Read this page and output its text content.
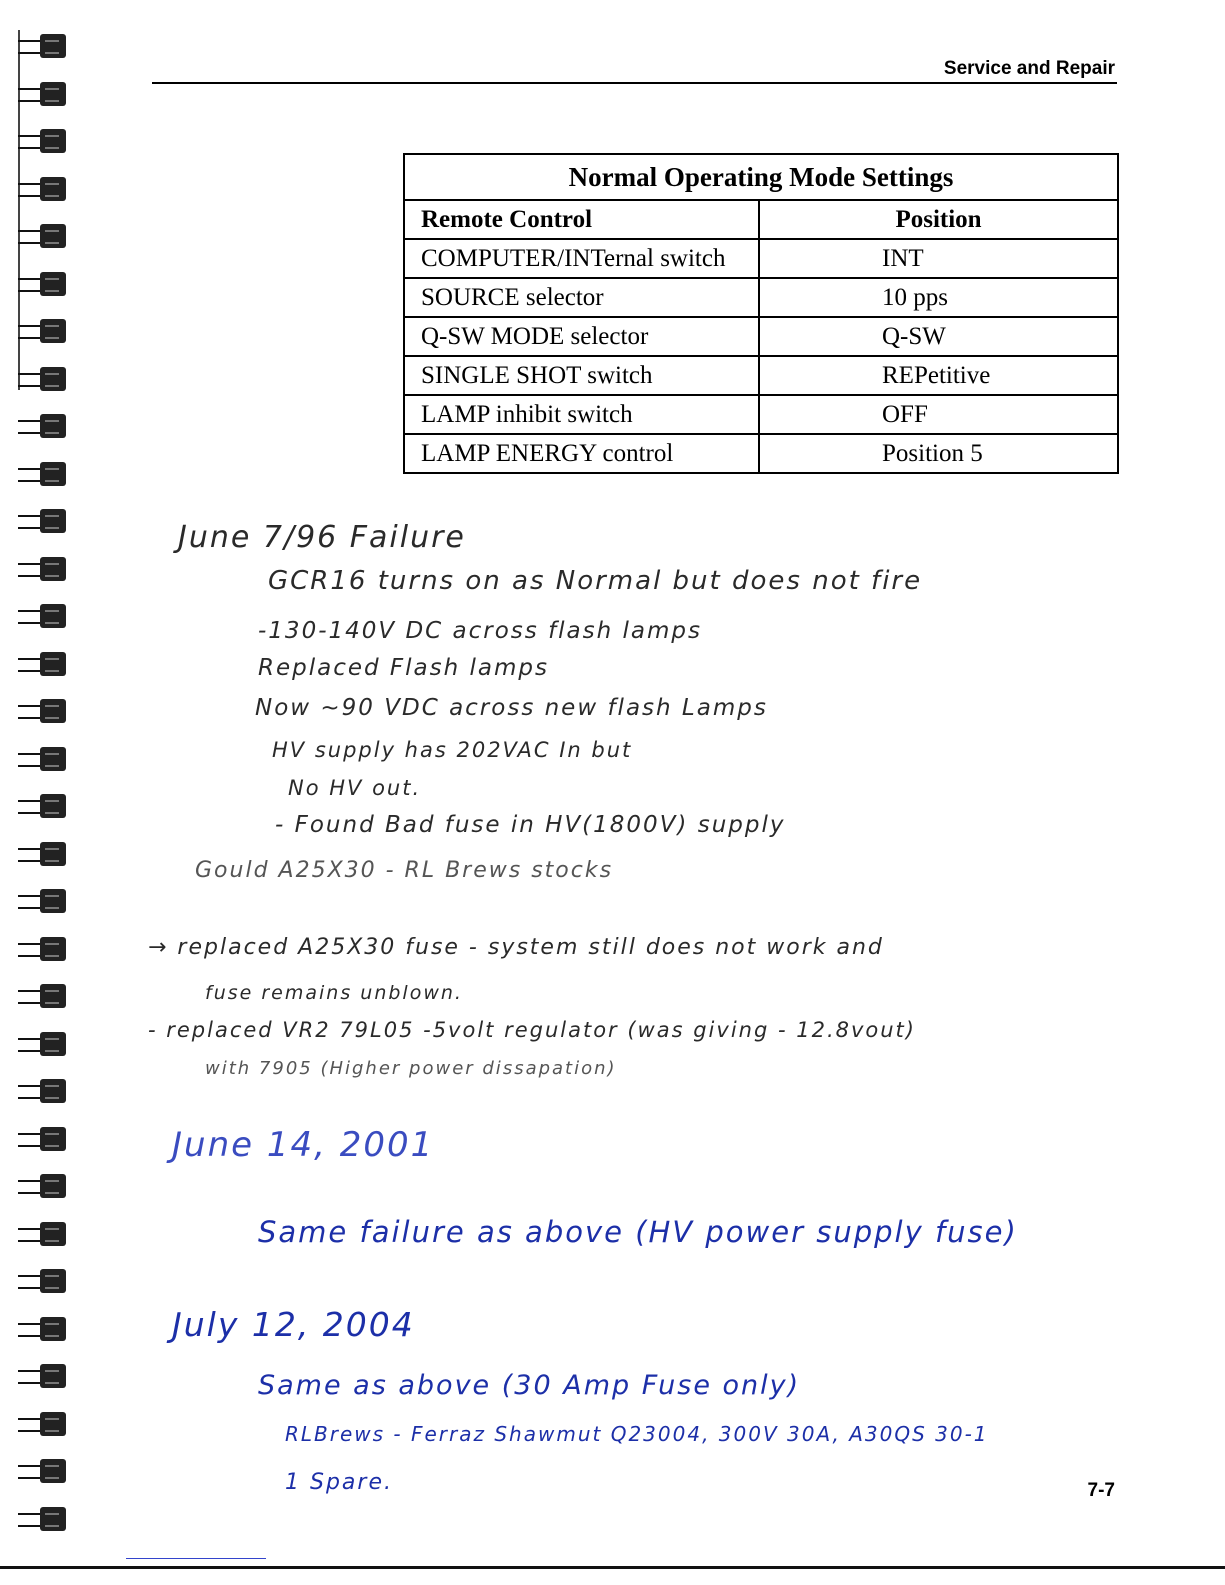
Service and Repair
Normal Operating Mode Settings	
Remote Control	Position
COMPUTER/INTernal switch	INT
SOURCE selector	10 pps
Q-SW MODE selector	Q-SW
SINGLE SHOT switch	REPetitive
LAMP inhibit switch	OFF
LAMP ENERGY control	Position 5
June 7/96 Failure
GCR16 turns on as Normal but does not fire
-130-140V DC across flash lamps
Replaced Flash lamps
Now ~90 VDC across new flash Lamps
HV supply has 202VAC In but
No HV out.
- Found Bad fuse in HV(1800V) supply
Gould A25X30 - RL Brews stocks
→ replaced A25X30 fuse - system still does not work and
fuse remains unblown.
- replaced VR2 79L05 -5volt regulator (was giving - 12.8vout)
with 7905 (Higher power dissapation)
June 14, 2001
Same failure as above (HV power supply fuse)
July 12, 2004
Same as above (30 Amp Fuse only)
RLBrews - Ferraz Shawmut Q23004, 300V 30A, A30QS 30-1
1 Spare.	7-7
